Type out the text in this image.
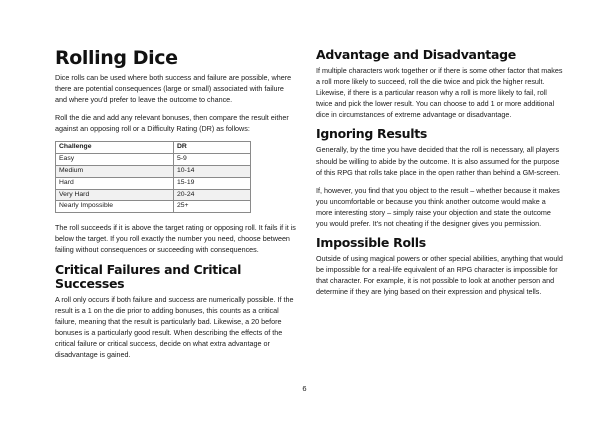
Rolling Dice

Dice rolls can be used where both success and failure are possible, where there are potential consequences (large or small) associated with failure and where you'd prefer to leave the outcome to chance.

Roll the die and add any relevant bonuses, then compare the result either against an opposing roll or a Difficulty Rating (DR) as follows:

Challenge	DR
Easy	5-9
Medium	10-14
Hard	15-19
Very Hard	20-24
Nearly Impossible	25+

The roll succeeds if it is above the target rating or opposing roll. It fails if it is below the target. If you roll exactly the number you need, choose between failing without consequences or succeeding with consequences.

Critical Failures and Critical Successes

A roll only occurs if both failure and success are numerically possible. If the result is a 1 on the die prior to adding bonuses, this counts as a critical failure, meaning that the result is particularly bad. Likewise, a 20 before bonuses is a particularly good result. When describing the effects of the critical failure or critical success, decide on what extra advantage or disadvantage is gained.

Advantage and Disadvantage

If multiple characters work together or if there is some other factor that makes a roll more likely to succeed, roll the die twice and pick the higher result. Likewise, if there is a particular reason why a roll is more likely to fail, roll twice and pick the lower result. You can choose to add 1 or more additional dice in circumstances of extreme advantage or disadvantage.

Ignoring Results

Generally, by the time you have decided that the roll is necessary, all players should be willing to abide by the outcome. It is also assumed for the purpose of this RPG that rolls take place in the open rather than behind a GM-screen.

If, however, you find that you object to the result – whether because it makes you uncomfortable or because you think another outcome would make a more interesting story – simply raise your objection and state the outcome you would prefer. It's not cheating if the designer gives you permission.

Impossible Rolls

Outside of using magical powers or other special abilities, anything that would be impossible for a real-life equivalent of an RPG character is impossible for that character. For example, it is not possible to look at another person and determine if they are lying based on their expression and physical tells.

6
